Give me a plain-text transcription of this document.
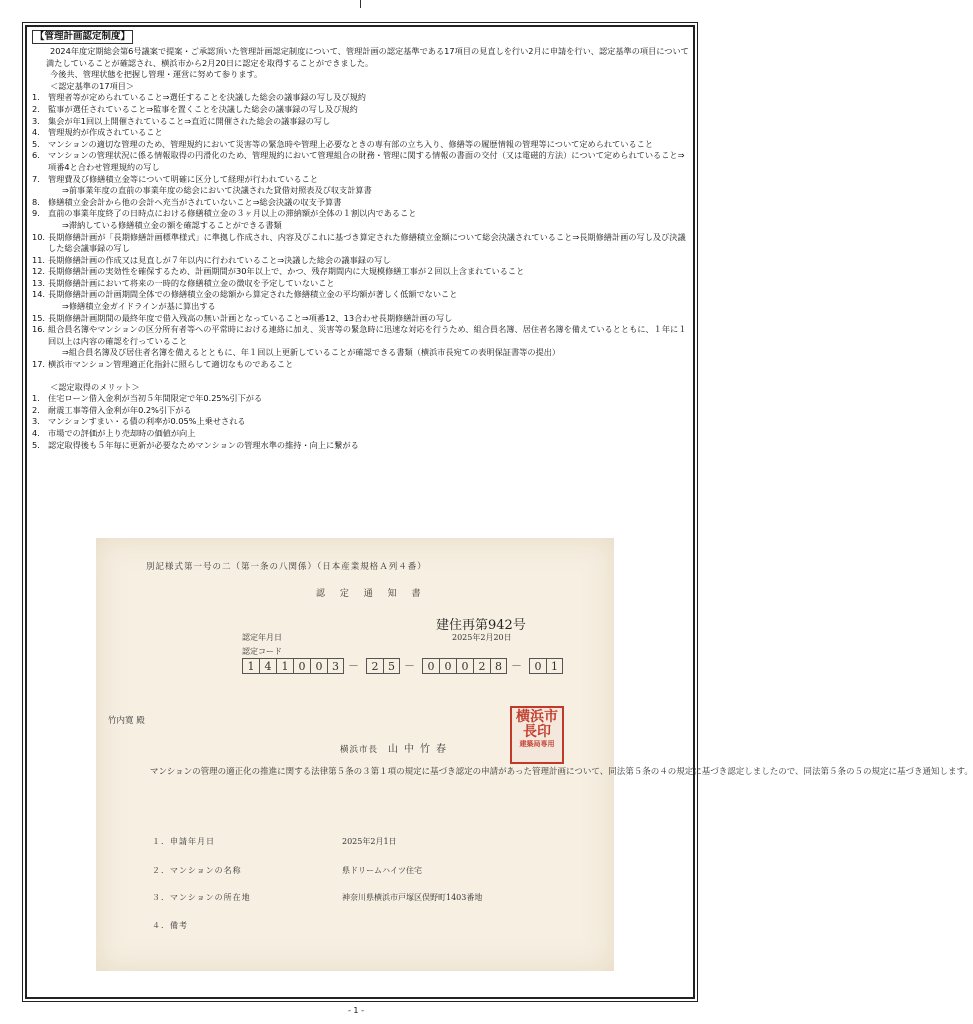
【管理計画認定制度】
2024年度定期総会第6号議案で提案・ご承認頂いた管理計画認定制度について、管理計画の認定基準である17項目の見直しを行い2月に申請を行い、認定基準の項目について満たしていることが確認され、横浜市から2月20日に認定を取得することができました。
今後共、管理状態を把握し管理・運営に努めて参ります。
＜認定基準の17項目＞
1. 管理者等が定められていること⇒選任することを決議した総会の議事録の写し及び規約
2. 監事が選任されていること⇒監事を置くことを決議した総会の議事録の写し及び規約
3. 集会が年1回以上開催されていること⇒直近に開催された総会の議事録の写し
4. 管理規約が作成されていること
5. マンションの適切な管理のため、管理規約において災害等の緊急時や管理上必要なときの専有部の立ち入り、修繕等の履歴情報の管理等について定められていること
6. マンションの管理状況に係る情報取得の円滑化のため、管理規約において管理組合の財務・管理に関する情報の書面の交付（又は電磁的方法）について定められていること⇒項番4と合わせ管理規約の写し
7. 管理費及び修繕積立金等について明確に区分して経理が行われていること
⇒前事業年度の直前の事業年度の総会において決議された貸借対照表及び収支計算書
8. 修繕積立金会計から他の会計へ充当がされていないこと⇒総会決議の収支予算書
9. 直前の事業年度終了の日時点における修繕積立金の３ヶ月以上の滞納額が全体の１割以内であること
⇒滞納している修繕積立金の額を確認することができる書類
10. 長期修繕計画が「長期修繕計画標準様式」に準拠し作成され、内容及びこれに基づき算定された修繕積立金額について総会決議されていること⇒長期修繕計画の写し及び決議した総会議事録の写し
11. 長期修繕計画の作成又は見直しが７年以内に行われていること⇒決議した総会の議事録の写し
12. 長期修繕計画の実効性を確保するため、計画期間が30年以上で、かつ、残存期間内に大規模修繕工事が２回以上含まれていること
13. 長期修繕計画において将来の一時的な修繕積立金の徴収を予定していないこと
14. 長期修繕計画の計画期間全体での修繕積立金の総額から算定された修繕積立金の平均額が著しく低額でないこと
⇒修繕積立金ガイドラインが基に算出する
15. 長期修繕計画期間の最終年度で借入残高の無い計画となっていること⇒項番12、13合わせ長期修繕計画の写し
16. 組合員名簿やマンションの区分所有者等への平常時における連絡に加え、災害等の緊急時に迅速な対応を行うため、組合員名簿、居住者名簿を備えているとともに、１年に１回以上は内容の確認を行っていること
⇒組合員名簿及び居住者名簿を備えるとともに、年１回以上更新していることが確認できる書類（横浜市長宛ての表明保証書等の提出）
17. 横浜市マンション管理適正化指針に照らして適切なものであること
＜認定取得のメリット＞
1. 住宅ローン借入金利が当初５年間限定で年0.25%引下がる
2. 耐震工事等借入金利が年0.2%引下がる
3. マンションすまい・る債の利率が0.05%上乗せされる
4. 市場での評価が上り売却時の価値が向上
5. 認定取得後も５年毎に更新が必要なためマンションの管理水準の維持・向上に繋がる
別記様式第一号の二（第一条の八関係）（日本産業規格Ａ列４番）
認 定 通 知 書
建住再第942号
認定年月日	2025年2月20日
認定コード
1 4 1 0 0 3 －	2 5 －	0 0 0 2 8 －	0 1
竹内寛 殿
横浜市長 山中竹春
横浜市
長印
建築局専用
マンションの管理の適正化の推進に関する法律第５条の３第１項の規定に基づき認定の申請があった管理計画について、同法第５条の４の規定に基づき認定しましたので、同法第５条の５の規定に基づき通知します。
１．申請年月日	2025年2月1日
２．マンションの名称	県ドリームハイツ住宅
３．マンションの所在地	神奈川県横浜市戸塚区俣野町1403番地
４．備考
- 1 -
